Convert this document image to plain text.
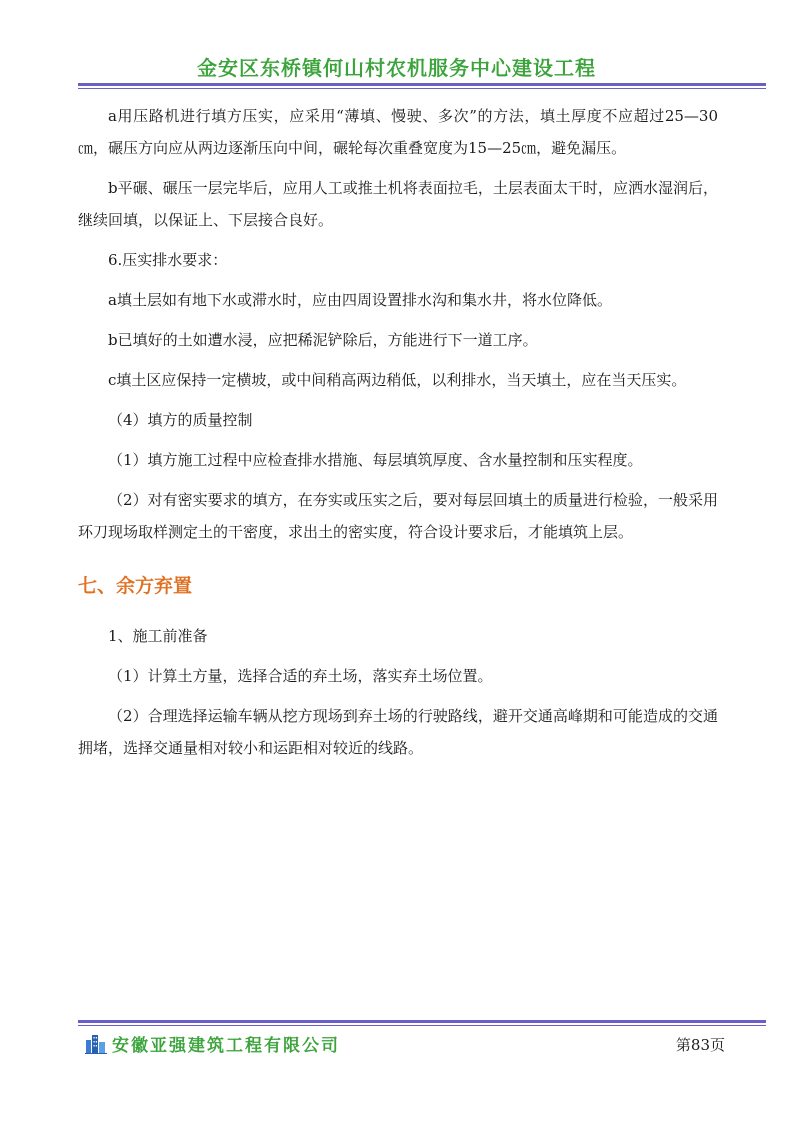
金安区东桥镇何山村农机服务中心建设工程

a用压路机进行填方压实，应采用“薄填、慢驶、多次”的方法，填土厚度不应超过25—30㎝，碾压方向应从两边逐渐压向中间，碾轮每次重叠宽度为15—25㎝，避免漏压。

b平碾、碾压一层完毕后，应用人工或推土机将表面拉毛，土层表面太干时，应洒水湿润后，继续回填，以保证上、下层接合良好。

6.压实排水要求：

a填土层如有地下水或滞水时，应由四周设置排水沟和集水井，将水位降低。

b已填好的土如遭水浸，应把稀泥铲除后，方能进行下一道工序。

c填土区应保持一定横坡，或中间稍高两边稍低，以利排水，当天填土，应在当天压实。

（4）填方的质量控制

（1）填方施工过程中应检查排水措施、每层填筑厚度、含水量控制和压实程度。

（2）对有密实要求的填方，在夯实或压实之后，要对每层回填土的质量进行检验，一般采用环刀现场取样测定土的干密度，求出土的密实度，符合设计要求后，才能填筑上层。

七、余方弃置

1、施工前准备

（1）计算土方量，选择合适的弃土场，落实弃土场位置。

（2）合理选择运输车辆从挖方现场到弃土场的行驶路线，避开交通高峰期和可能造成的交通拥堵，选择交通量相对较小和运距相对较近的线路。

安徽亚强建筑工程有限公司	第83页
